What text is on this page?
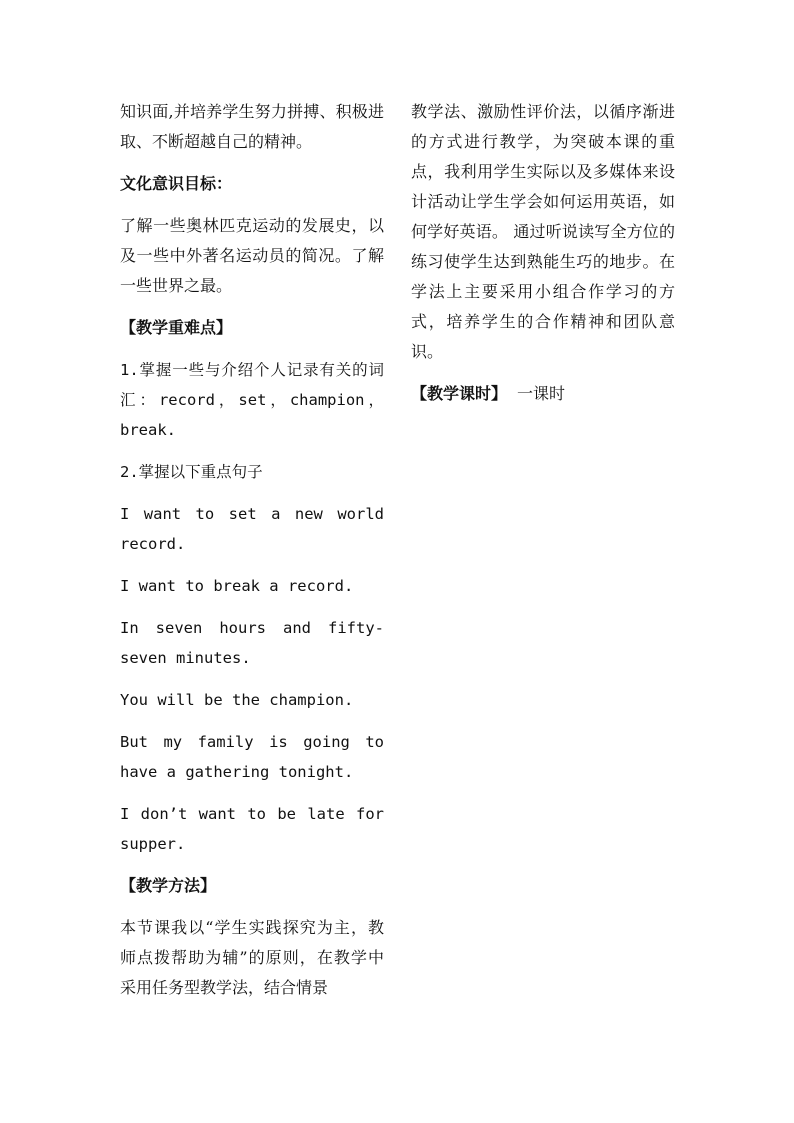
知识面,并培养学生努力拼搏、积极进取、不断超越自己的精神。

文化意识目标：

了解一些奥林匹克运动的发展史，以及一些中外著名运动员的简况。了解一些世界之最。

【教学重难点】

1.掌握一些与介绍个人记录有关的词汇：record，set，champion，break.

2.掌握以下重点句子

I want to set a new world record.

I want to break a record.

In seven hours and fifty-seven minutes.

You will be the champion.

But my family is going to have a gathering tonight.

I don’t want to be late for supper.

【教学方法】

本节课我以“学生实践探究为主，教师点拨帮助为辅”的原则，在教学中采用任务型教学法，结合情景

教学法、激励性评价法，以循序渐进的方式进行教学，为突破本课的重点，我利用学生实际以及多媒体来设计活动让学生学会如何运用英语，如何学好英语。 通过听说读写全方位的练习使学生达到熟能生巧的地步。在学法上主要采用小组合作学习的方式，培养学生的合作精神和团队意识。

【教学课时】 一课时
